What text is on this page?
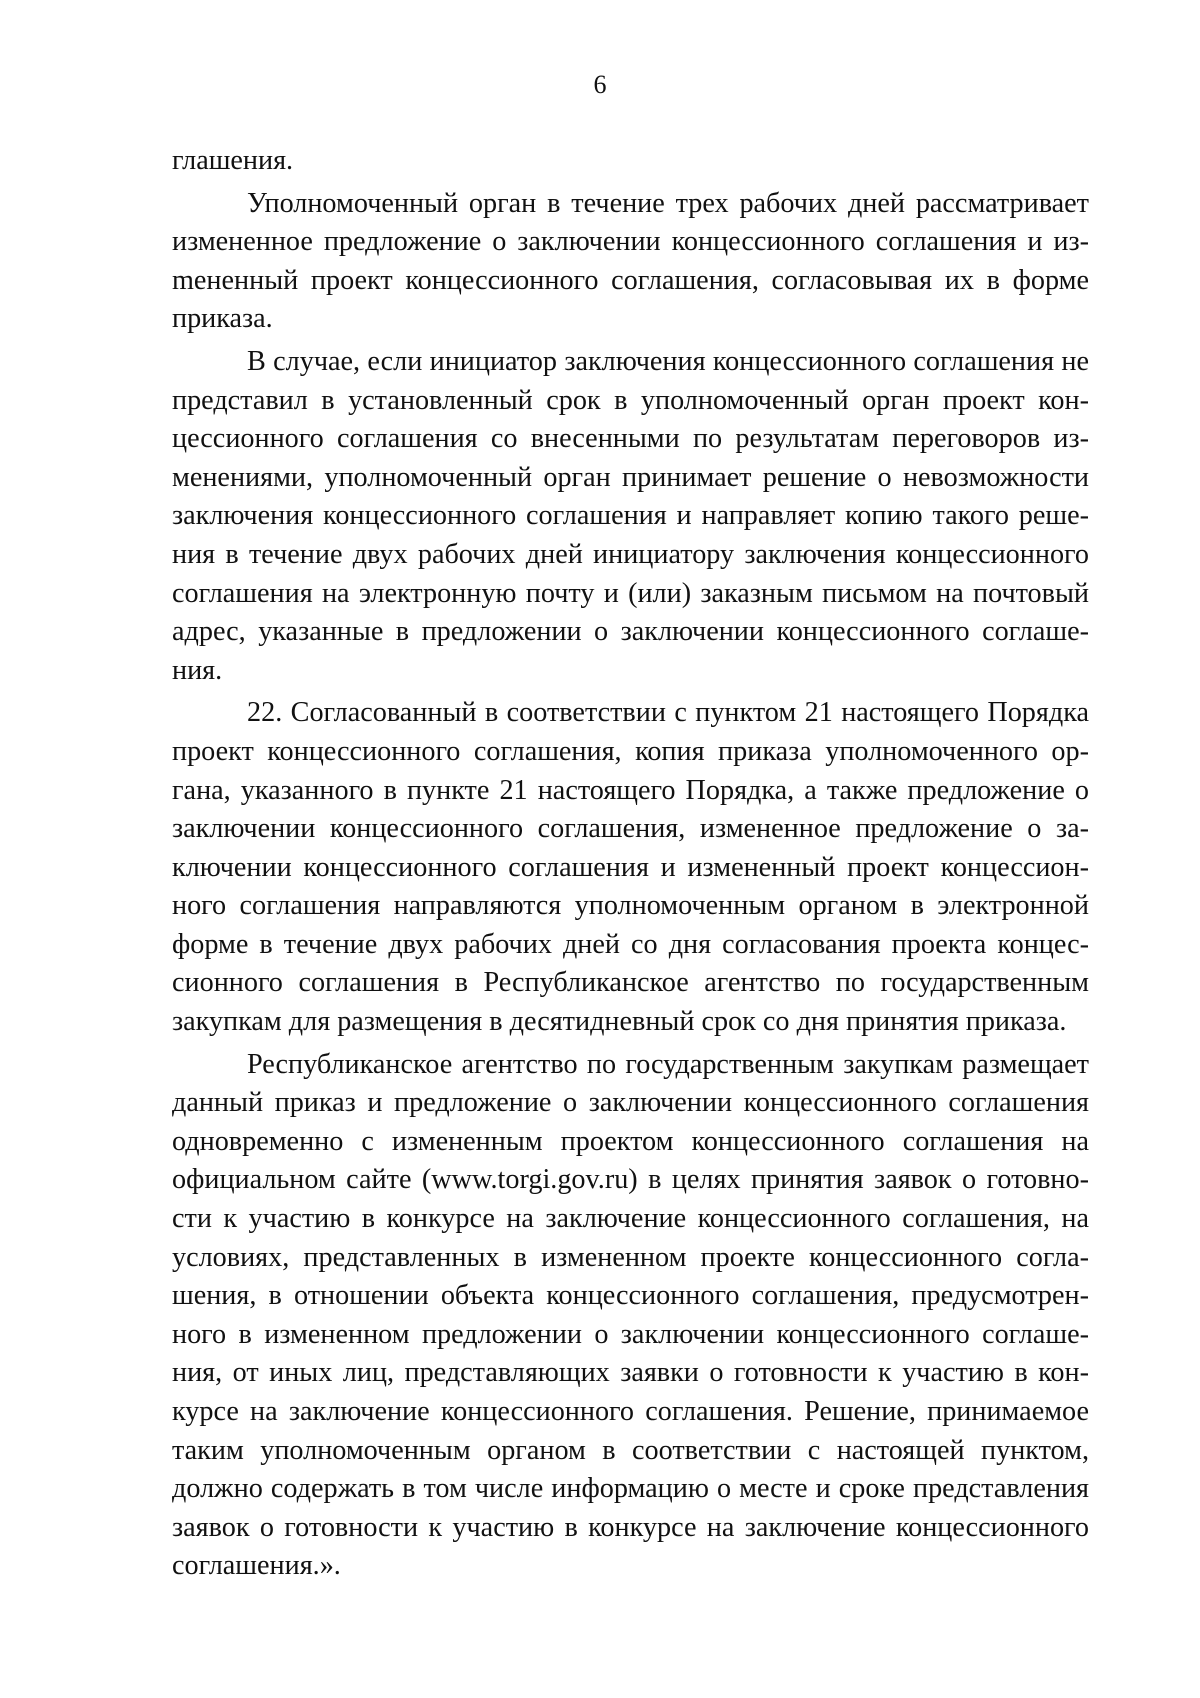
6

глашения.

Уполномоченный орган в течение трех рабочих дней рассматривает измененное предложение о заключении концессионного соглашения и изmененный проект концессионного соглашения, согласовывая их в форме приказа.

В случае, если инициатор заключения концессионного соглашения не представил в установленный срок в уполномоченный орган проект концессионного соглашения со внесенными по результатам переговоров изменениями, уполномоченный орган принимает решение о невозможности заключения концессионного соглашения и направляет копию такого решения в течение двух рабочих дней инициатору заключения концессионного соглашения на электронную почту и (или) заказным письмом на почтовый адрес, указанные в предложении о заключении концессионного соглашения.

22. Согласованный в соответствии с пунктом 21 настоящего Порядка проект концессионного соглашения, копия приказа уполномоченного органа, указанного в пункте 21 настоящего Порядка, а также предложение о заключении концессионного соглашения, измененное предложение о заключении концессионного соглашения и измененный проект концессионного соглашения направляются уполномоченным органом в электронной форме в течение двух рабочих дней со дня согласования проекта концессионного соглашения в Республиканское агентство по государственным закупкам для размещения в десятидневный срок со дня принятия приказа.

Республиканское агентство по государственным закупкам размещает данный приказ и предложение о заключении концессионного соглашения одновременно с измененным проектом концессионного соглашения на официальном сайте (www.torgi.gov.ru) в целях принятия заявок о готовности к участию в конкурсе на заключение концессионного соглашения, на условиях, представленных в измененном проекте концессионного соглашения, в отношении объекта концессионного соглашения, предусмотренного в измененном предложении о заключении концессионного соглашения, от иных лиц, представляющих заявки о готовности к участию в конкурсе на заключение концессионного соглашения. Решение, принимаемое таким уполномоченным органом в соответствии с настоящей пунктом, должно содержать в том числе информацию о месте и сроке представления заявок о готовности к участию в конкурсе на заключение концессионного соглашения.».
